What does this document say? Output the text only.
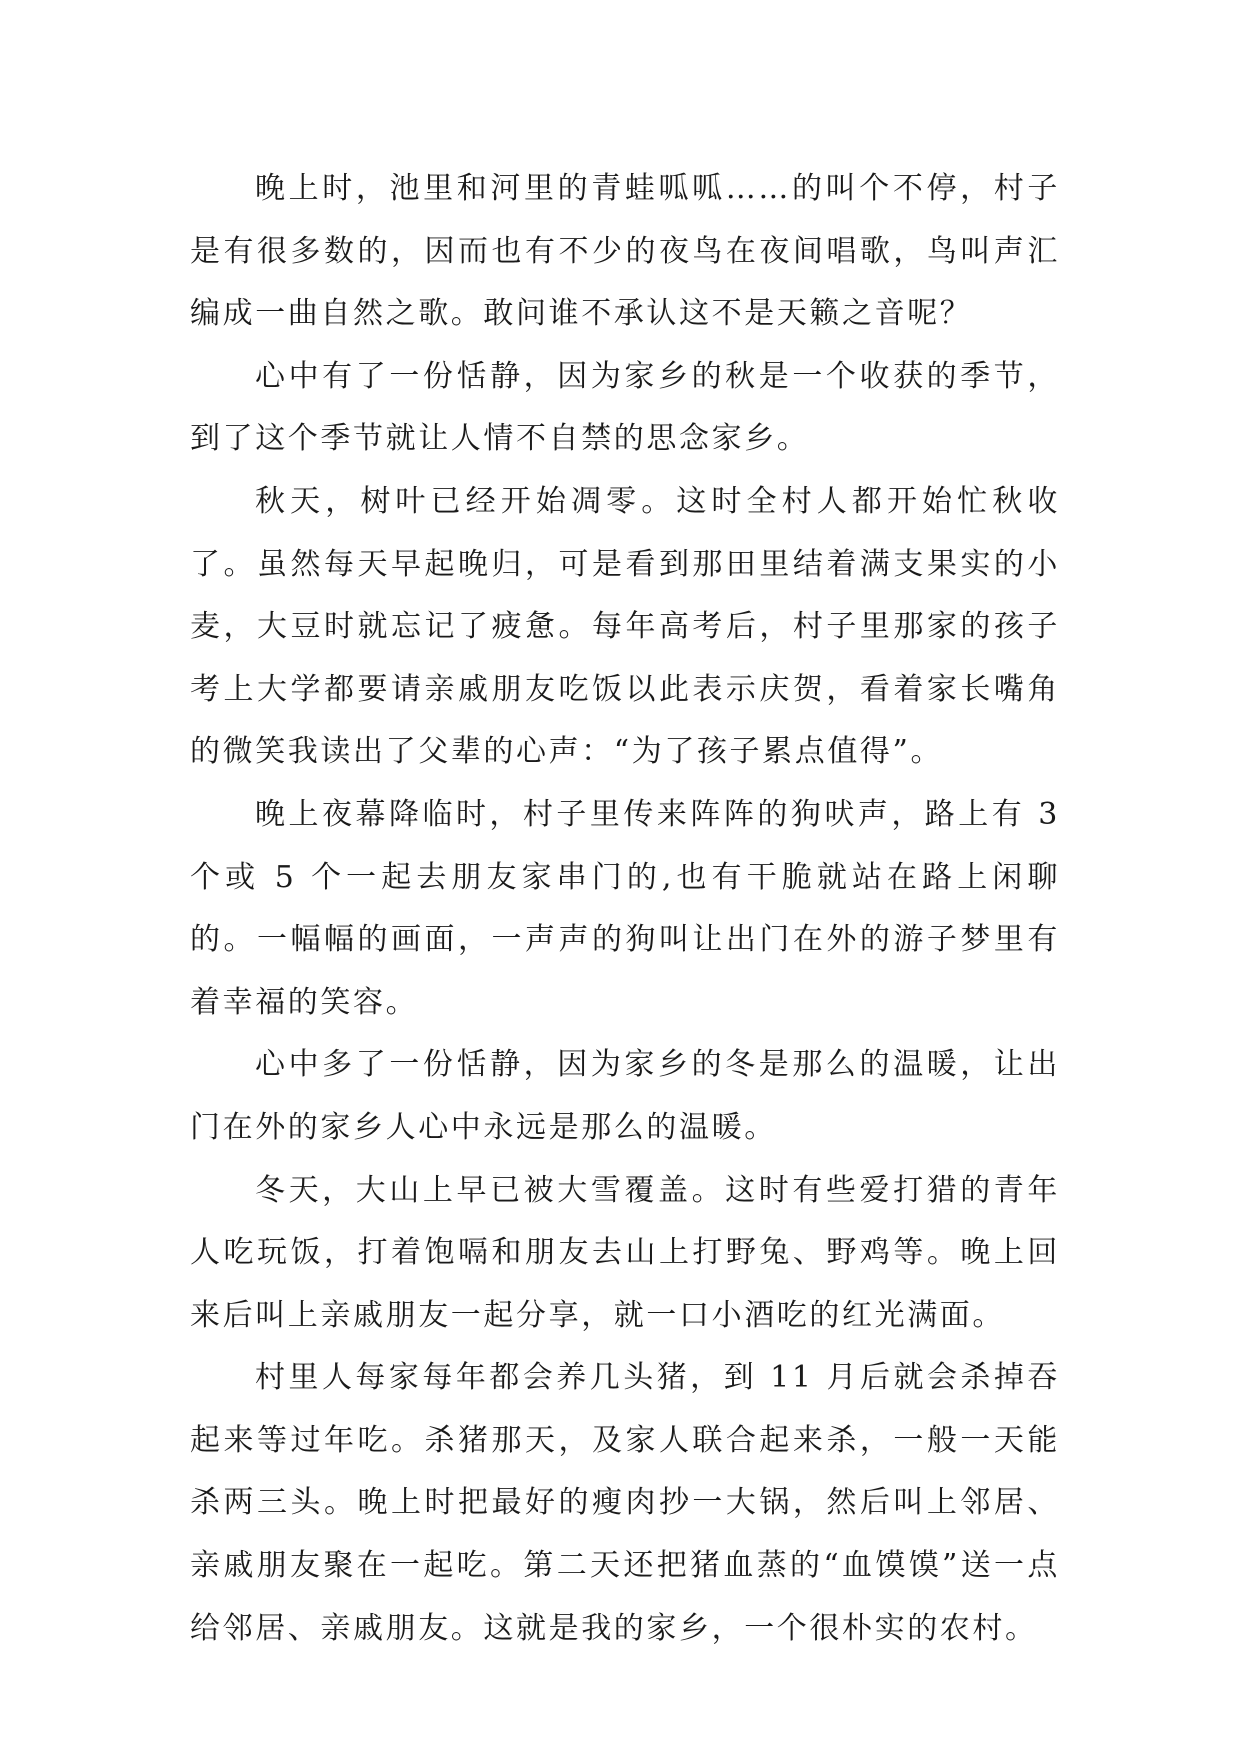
晚上时，池里和河里的青蛙呱呱……的叫个不停，村子是有很多数的，因而也有不少的夜鸟在夜间唱歌，鸟叫声汇编成一曲自然之歌。敢问谁不承认这不是天籁之音呢？

心中有了一份恬静，因为家乡的秋是一个收获的季节，到了这个季节就让人情不自禁的思念家乡。

秋天，树叶已经开始凋零。这时全村人都开始忙秋收了。虽然每天早起晚归，可是看到那田里结着满支果实的小麦，大豆时就忘记了疲惫。每年高考后，村子里那家的孩子考上大学都要请亲戚朋友吃饭以此表示庆贺，看着家长嘴角的微笑我读出了父辈的心声：“为了孩子累点值得”。

晚上夜幕降临时，村子里传来阵阵的狗吠声，路上有 3 个或 5 个一起去朋友家串门的,也有干脆就站在路上闲聊的。一幅幅的画面，一声声的狗叫让出门在外的游子梦里有着幸福的笑容。

心中多了一份恬静，因为家乡的冬是那么的温暖，让出门在外的家乡人心中永远是那么的温暖。

冬天，大山上早已被大雪覆盖。这时有些爱打猎的青年人吃玩饭，打着饱嗝和朋友去山上打野兔、野鸡等。晚上回来后叫上亲戚朋友一起分享，就一口小酒吃的红光满面。

村里人每家每年都会养几头猪，到 11 月后就会杀掉吞起来等过年吃。杀猪那天，及家人联合起来杀，一般一天能杀两三头。晚上时把最好的瘦肉抄一大锅，然后叫上邻居、亲戚朋友聚在一起吃。第二天还把猪血蒸的“血馍馍”送一点给邻居、亲戚朋友。这就是我的家乡，一个很朴实的农村。
